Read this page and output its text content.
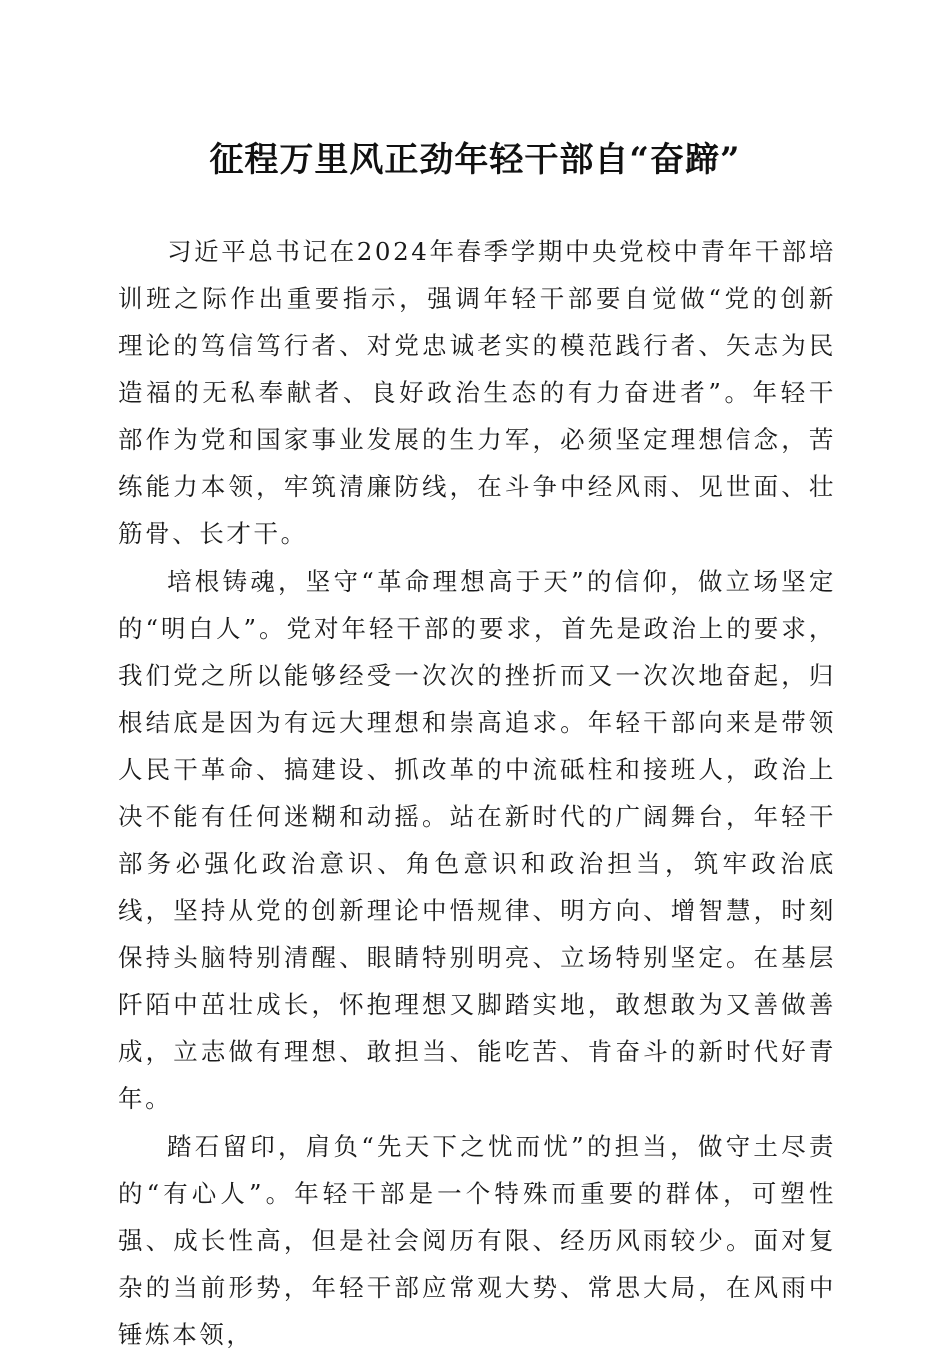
征程万里风正劲年轻干部自“奋蹄”

习近平总书记在2024年春季学期中央党校中青年干部培训班之际作出重要指示，强调年轻干部要自觉做“党的创新理论的笃信笃行者、对党忠诚老实的模范践行者、矢志为民造福的无私奉献者、良好政治生态的有力奋进者”。年轻干部作为党和国家事业发展的生力军，必须坚定理想信念，苦练能力本领，牢筑清廉防线，在斗争中经风雨、见世面、壮筋骨、长才干。

培根铸魂，坚守“革命理想高于天”的信仰，做立场坚定的“明白人”。党对年轻干部的要求，首先是政治上的要求，我们党之所以能够经受一次次的挫折而又一次次地奋起，归根结底是因为有远大理想和崇高追求。年轻干部向来是带领人民干革命、搞建设、抓改革的中流砥柱和接班人，政治上决不能有任何迷糊和动摇。站在新时代的广阔舞台，年轻干部务必强化政治意识、角色意识和政治担当，筑牢政治底线，坚持从党的创新理论中悟规律、明方向、增智慧，时刻保持头脑特别清醒、眼睛特别明亮、立场特别坚定。在基层阡陌中茁壮成长，怀抱理想又脚踏实地，敢想敢为又善做善成，立志做有理想、敢担当、能吃苦、肯奋斗的新时代好青年。

踏石留印，肩负“先天下之忧而忧”的担当，做守土尽责的“有心人”。年轻干部是一个特殊而重要的群体，可塑性强、成长性高，但是社会阅历有限、经历风雨较少。面对复杂的当前形势，年轻干部应常观大势、常思大局，在风雨中锤炼本领，
